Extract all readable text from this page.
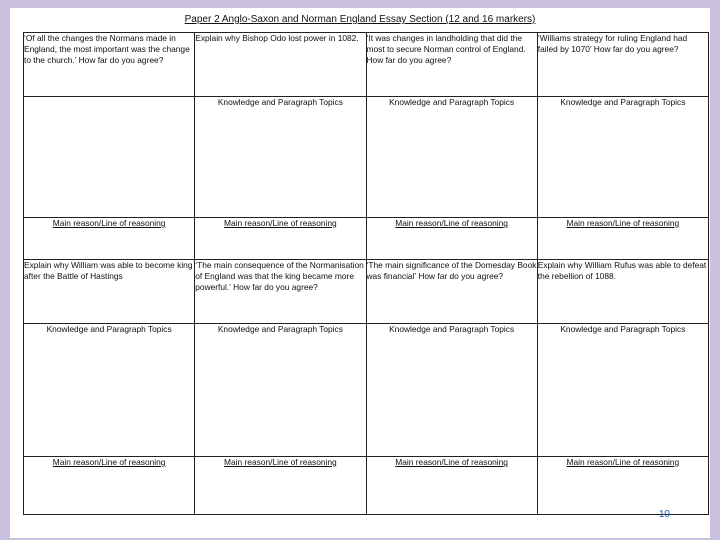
Paper 2 Anglo-Saxon and Norman England Essay Section (12 and 16 markers)
‘Of all the changes the Normans made in England, the most important was the change to the church.’ How far do you agree?	Explain why Bishop Odo lost power in 1082.	‘It was changes in landholding that did the most to secure Norman control of England. How far do you agree?	‘Williams strategy for ruling England had failed by 1070’ How far do you agree?
	Knowledge and Paragraph Topics	Knowledge and Paragraph Topics	Knowledge and Paragraph Topics
Main reason/Line of reasoning	Main reason/Line of reasoning	Main reason/Line of reasoning	Main reason/Line of reasoning
Explain why William was able to become king after the Battle of Hastings	‘The main consequence of the Normanisation of England was that the king became more powerful.’ How far do you agree?	‘The main significance of the Domesday Book was financial’ How far do you agree?	Explain why William Rufus was able to defeat the rebellion of 1088.
Knowledge and Paragraph Topics	Knowledge and Paragraph Topics	Knowledge and Paragraph Topics	Knowledge and Paragraph Topics
Main reason/Line of reasoning	Main reason/Line of reasoning	Main reason/Line of reasoning	Main reason/Line of reasoning
10
